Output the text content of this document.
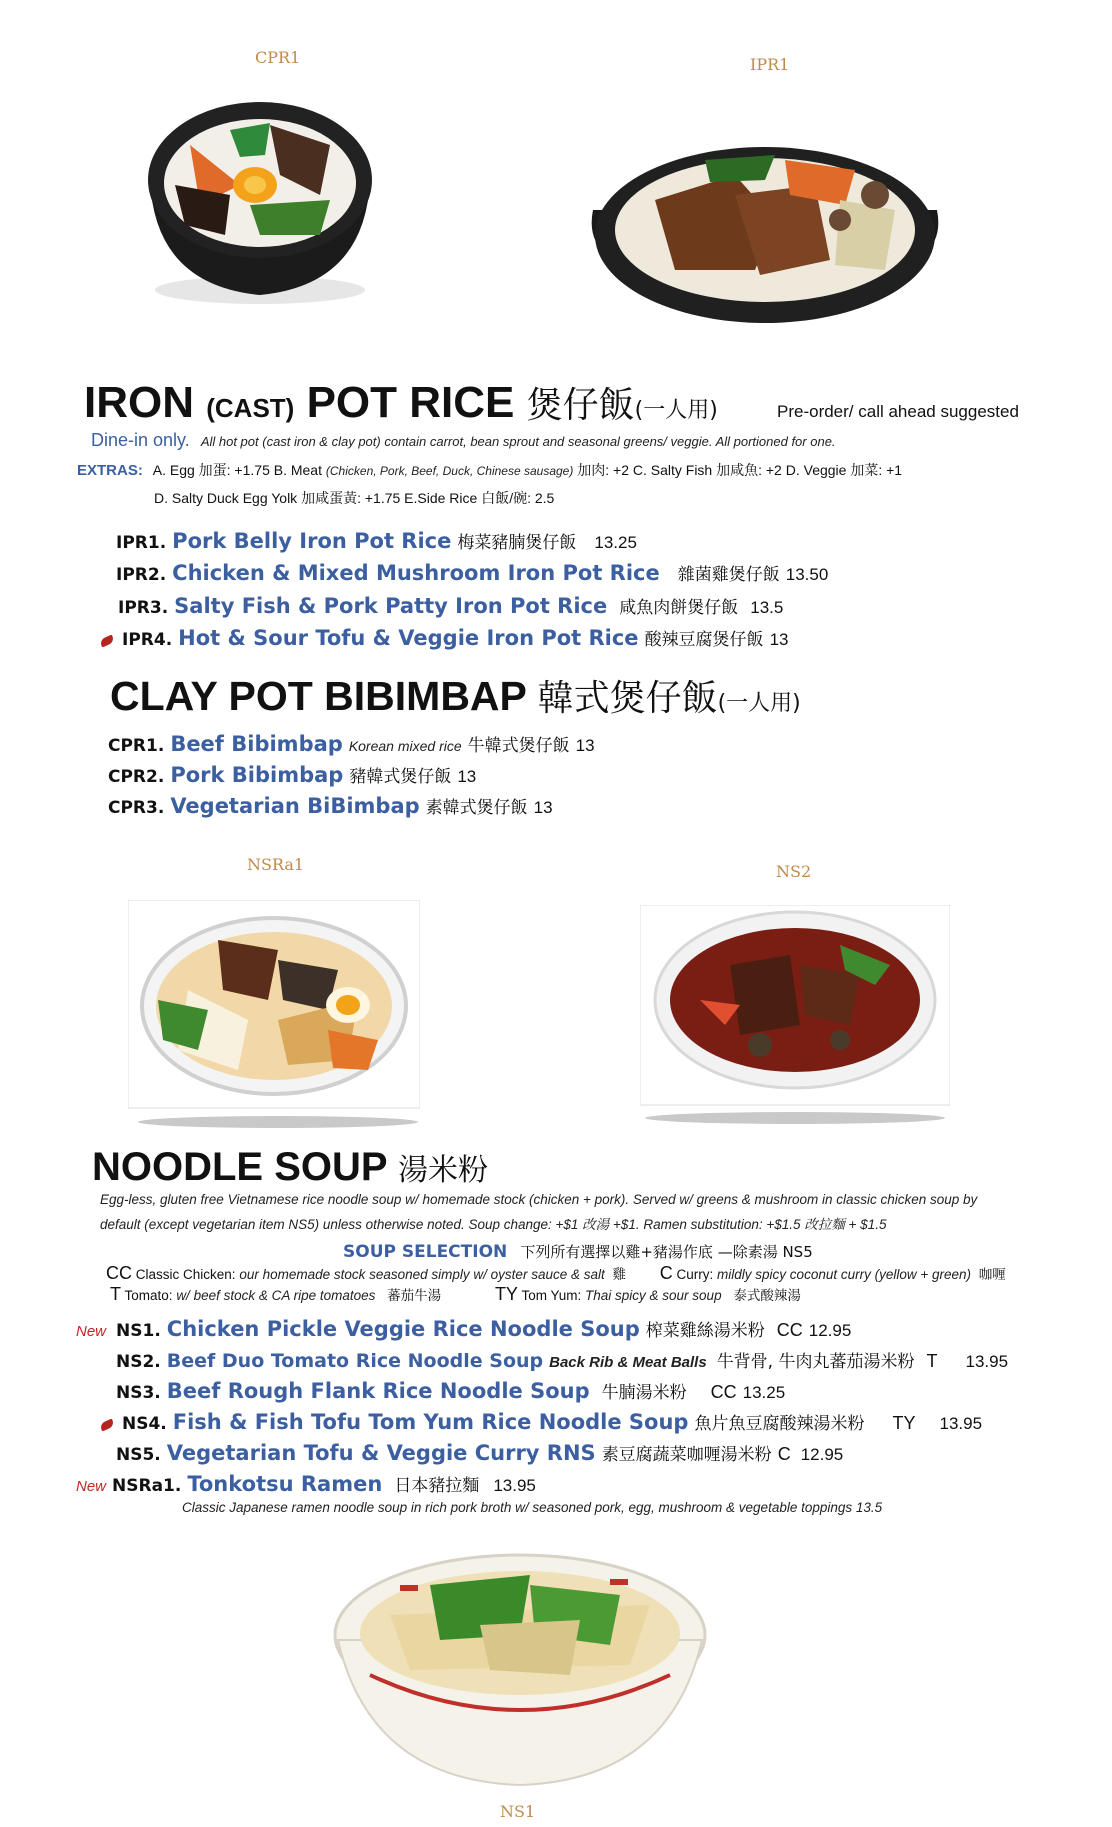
CPR1	IPR1
IRON (CAST) POT RICE 煲仔飯(一人用)	Pre-order/ call ahead suggested
Dine-in only. All hot pot (cast iron & clay pot) contain carrot, bean sprout and seasonal greens/ veggie. All portioned for one.
EXTRAS: A. Egg 加蛋: +1.75 B. Meat (Chicken, Pork, Beef, Duck, Chinese sausage) 加肉: +2 C. Salty Fish 加咸魚: +2 D. Veggie 加菜: +1
D. Salty Duck Egg Yolk 加咸蛋黃: +1.75 E.Side Rice 白飯/碗: 2.5
IPR1. Pork Belly Iron Pot Rice 梅菜豬腩煲仔飯 13.25
IPR2. Chicken & Mixed Mushroom Iron Pot Rice 雜菌雞煲仔飯 13.50
IPR3. Salty Fish & Pork Patty Iron Pot Rice 咸魚肉餅煲仔飯 13.5
IPR4. Hot & Sour Tofu & Veggie Iron Pot Rice 酸辣豆腐煲仔飯 13
CLAY POT BIBIMBAP 韓式煲仔飯(一人用)
CPR1. Beef Bibimbap Korean mixed rice 牛韓式煲仔飯 13
CPR2. Pork Bibimbap 豬韓式煲仔飯 13
CPR3. Vegetarian BiBimbap 素韓式煲仔飯 13
NSRa1	NS2
NOODLE SOUP 湯米粉
Egg-less, gluten free Vietnamese rice noodle soup w/ homemade stock (chicken + pork). Served w/ greens & mushroom in classic chicken soup by
default (except vegetarian item NS5) unless otherwise noted. Soup change: +$1 改湯 +$1. Ramen substitution: +$1.5 改拉麵 + $1.5
SOUP SELECTION 下列所有選擇以雞+豬湯作底 —除素湯 NS5
CC Classic Chicken: our homemade stock seasoned simply w/ oyster sauce & salt 雞 C Curry: mildly spicy coconut curry (yellow + green) 咖喱
T Tomato: w/ beef stock & CA ripe tomatoes 蕃茄牛湯	TY Tom Yum: Thai spicy & sour soup 泰式酸辣湯
New NS1. Chicken Pickle Veggie Rice Noodle Soup 榨菜雞絲湯米粉 CC 12.95
NS2. Beef Duo Tomato Rice Noodle Soup Back Rib & Meat Balls 牛背骨, 牛肉丸蕃茄湯米粉 T 13.95
NS3. Beef Rough Flank Rice Noodle Soup 牛腩湯米粉 CC 13.25
NS4. Fish & Fish Tofu Tom Yum Rice Noodle Soup 魚片魚豆腐酸辣湯米粉 TY 13.95
NS5. Vegetarian Tofu & Veggie Curry RNS 素豆腐蔬菜咖喱湯米粉 C 12.95
New NSRa1. Tonkotsu Ramen 日本豬拉麵 13.95
Classic Japanese ramen noodle soup in rich pork broth w/ seasoned pork, egg, mushroom & vegetable toppings 13.5
NS1
